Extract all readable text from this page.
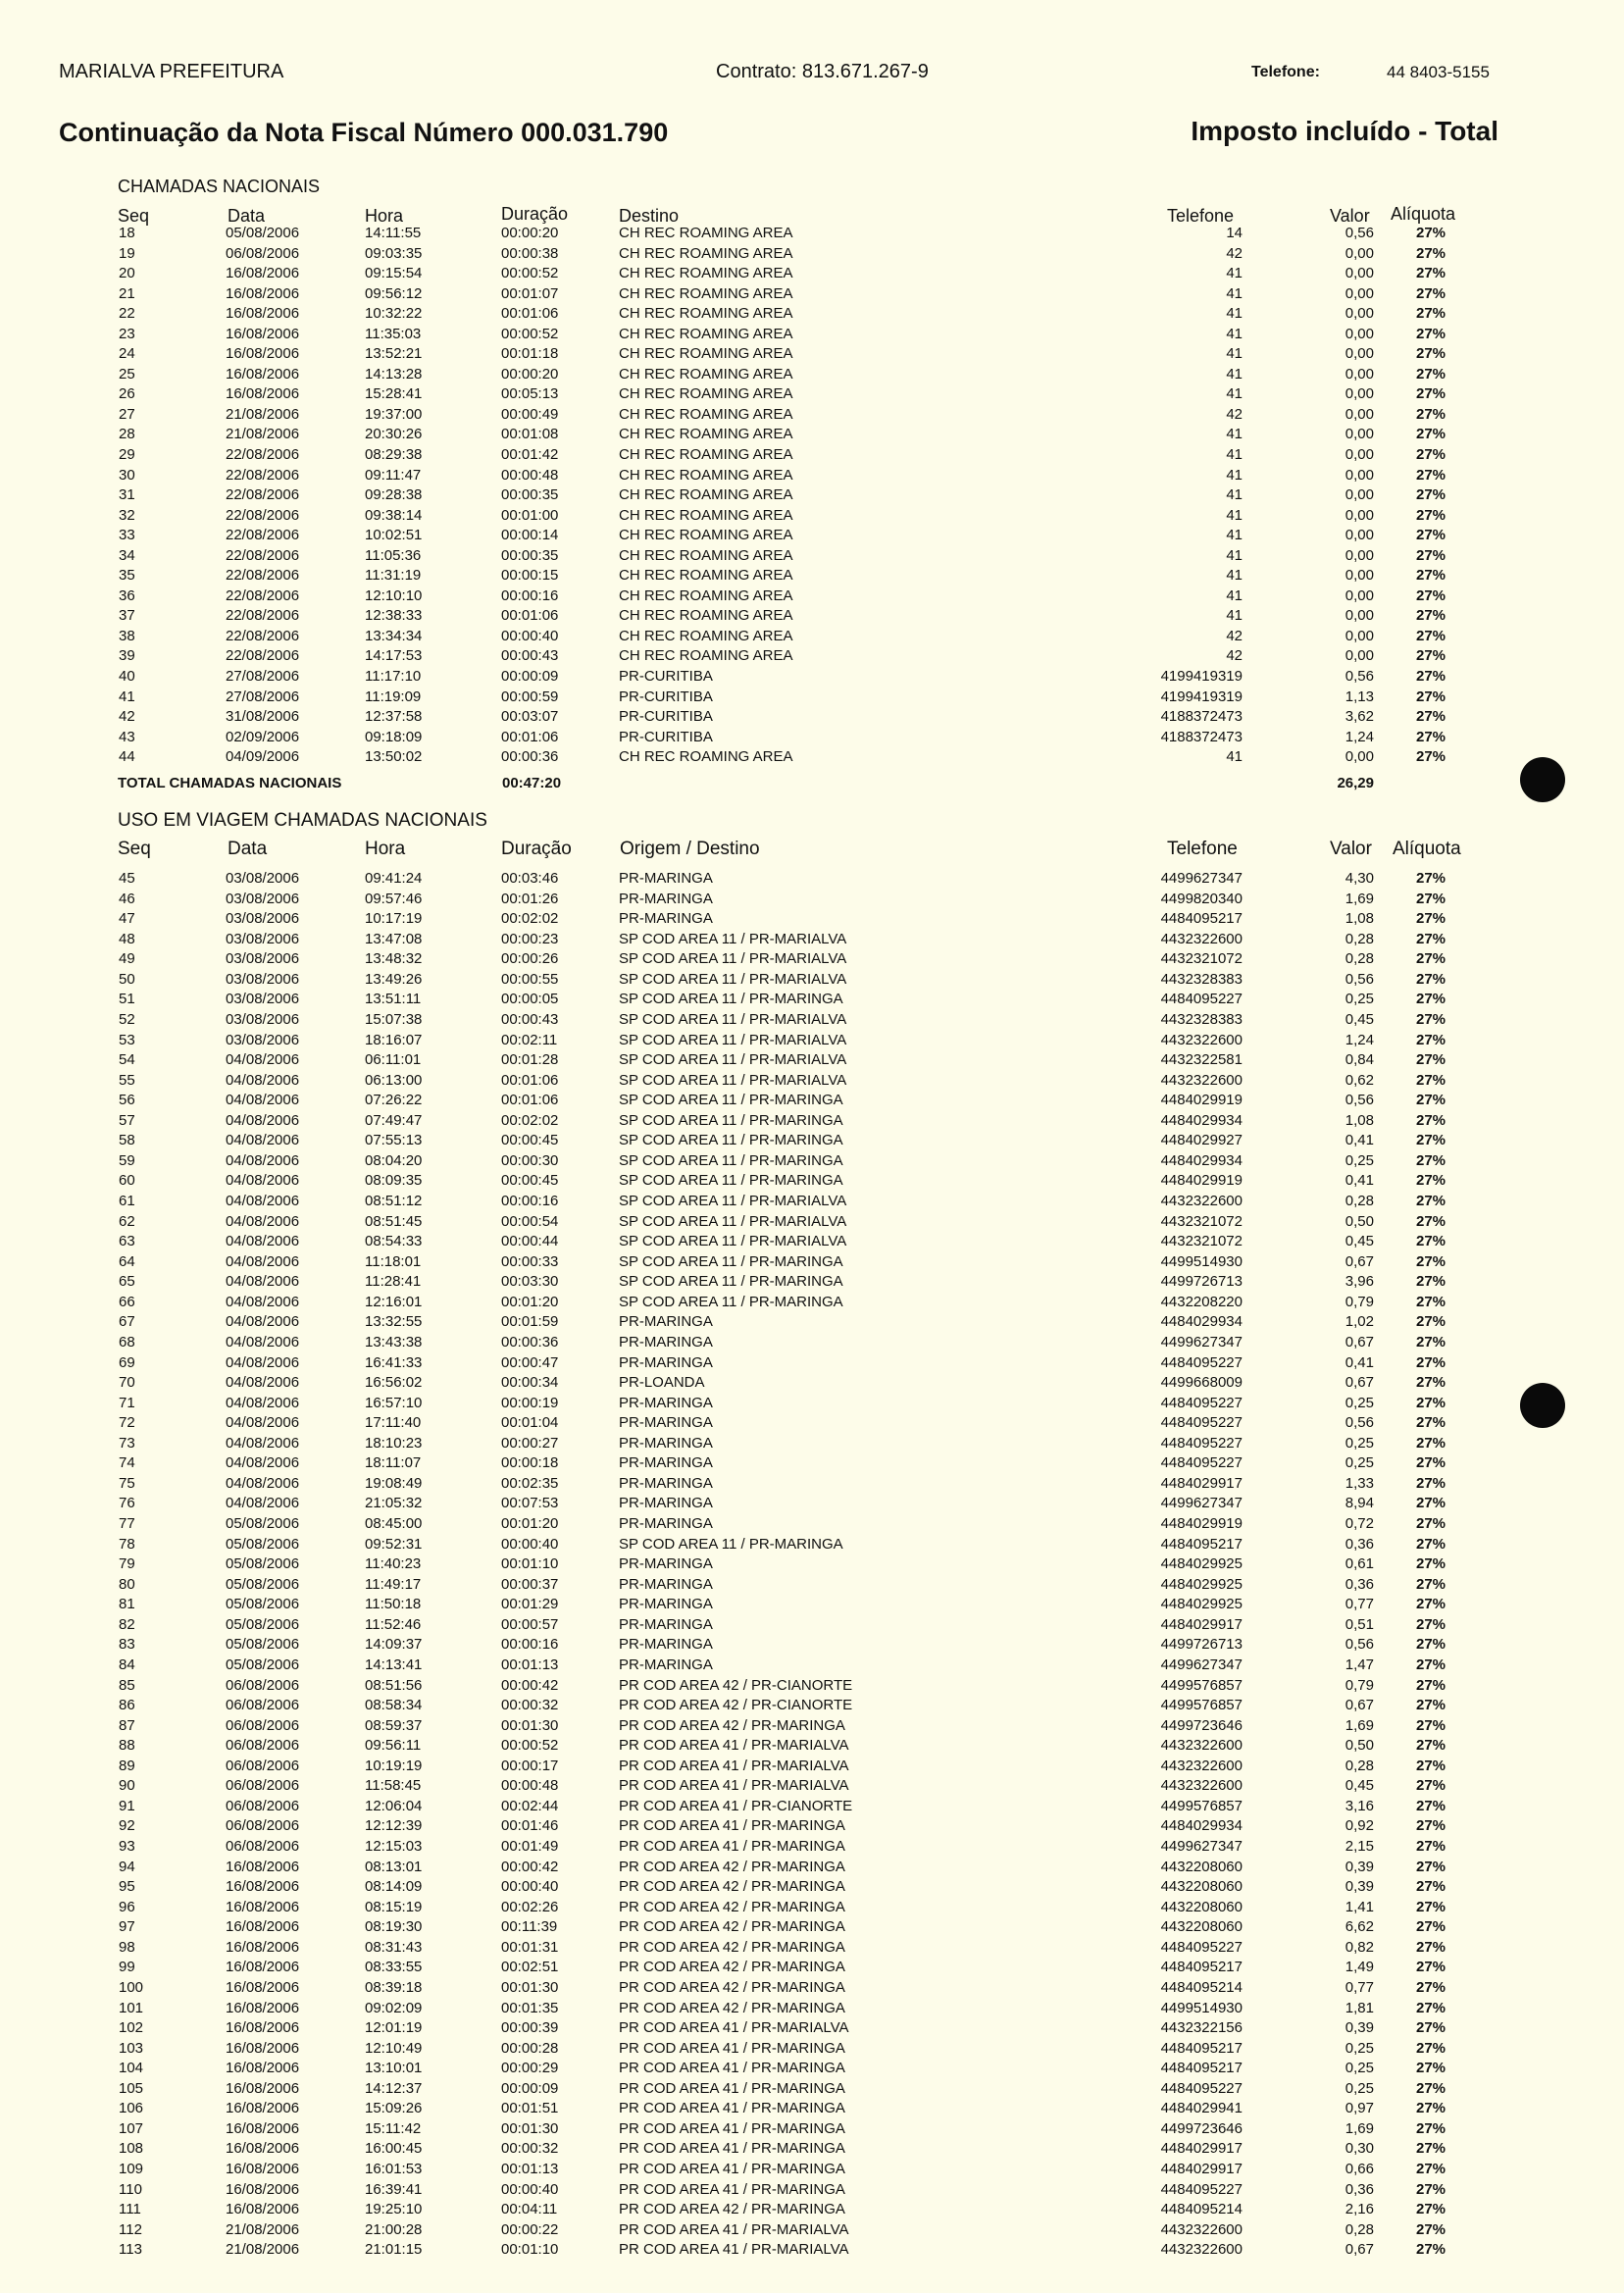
MARIALVA PREFEITURA	Contrato: 813.671.267-9	Telefone:	44 8403-5155
Continuação da Nota Fiscal Número 000.031.790	Imposto incluído - Total
CHAMADAS NACIONAIS
Seq	Data	Hora	Duração	Destino	Telefone	Valor Alíquota
18	05/08/2006	14:11:55	00:00:20	CH REC ROAMING AREA	14	0,56	27%
19	06/08/2006	09:03:35	00:00:38	CH REC ROAMING AREA	42	0,00	27%
20	16/08/2006	09:15:54	00:00:52	CH REC ROAMING AREA	41	0,00	27%
21	16/08/2006	09:56:12	00:01:07	CH REC ROAMING AREA	41	0,00	27%
22	16/08/2006	10:32:22	00:01:06	CH REC ROAMING AREA	41	0,00	27%
23	16/08/2006	11:35:03	00:00:52	CH REC ROAMING AREA	41	0,00	27%
24	16/08/2006	13:52:21	00:01:18	CH REC ROAMING AREA	41	0,00	27%
25	16/08/2006	14:13:28	00:00:20	CH REC ROAMING AREA	41	0,00	27%
26	16/08/2006	15:28:41	00:05:13	CH REC ROAMING AREA	41	0,00	27%
27	21/08/2006	19:37:00	00:00:49	CH REC ROAMING AREA	42	0,00	27%
28	21/08/2006	20:30:26	00:01:08	CH REC ROAMING AREA	41	0,00	27%
29	22/08/2006	08:29:38	00:01:42	CH REC ROAMING AREA	41	0,00	27%
30	22/08/2006	09:11:47	00:00:48	CH REC ROAMING AREA	41	0,00	27%
31	22/08/2006	09:28:38	00:00:35	CH REC ROAMING AREA	41	0,00	27%
32	22/08/2006	09:38:14	00:01:00	CH REC ROAMING AREA	41	0,00	27%
33	22/08/2006	10:02:51	00:00:14	CH REC ROAMING AREA	41	0,00	27%
34	22/08/2006	11:05:36	00:00:35	CH REC ROAMING AREA	41	0,00	27%
35	22/08/2006	11:31:19	00:00:15	CH REC ROAMING AREA	41	0,00	27%
36	22/08/2006	12:10:10	00:00:16	CH REC ROAMING AREA	41	0,00	27%
37	22/08/2006	12:38:33	00:01:06	CH REC ROAMING AREA	41	0,00	27%
38	22/08/2006	13:34:34	00:00:40	CH REC ROAMING AREA	42	0,00	27%
39	22/08/2006	14:17:53	00:00:43	CH REC ROAMING AREA	42	0,00	27%
40	27/08/2006	11:17:10	00:00:09	PR-CURITIBA	4199419319	0,56	27%
41	27/08/2006	11:19:09	00:00:59	PR-CURITIBA	4199419319	1,13	27%
42	31/08/2006	12:37:58	00:03:07	PR-CURITIBA	4188372473	3,62	27%
43	02/09/2006	09:18:09	00:01:06	PR-CURITIBA	4188372473	1,24	27%
44	04/09/2006	13:50:02	00:00:36	CH REC ROAMING AREA	41	0,00	27%
TOTAL CHAMADAS NACIONAIS	00:47:20	26,29
USO EM VIAGEM CHAMADAS NACIONAIS
Seq	Data	Hora	Duração	Origem / Destino	Telefone	Valor Alíquota
45	03/08/2006	09:41:24	00:03:46	PR-MARINGA	4499627347	4,30	27%
46	03/08/2006	09:57:46	00:01:26	PR-MARINGA	4499820340	1,69	27%
47	03/08/2006	10:17:19	00:02:02	PR-MARINGA	4484095217	1,08	27%
48	03/08/2006	13:47:08	00:00:23	SP COD AREA 11 / PR-MARIALVA	4432322600	0,28	27%
49	03/08/2006	13:48:32	00:00:26	SP COD AREA 11 / PR-MARIALVA	4432321072	0,28	27%
50	03/08/2006	13:49:26	00:00:55	SP COD AREA 11 / PR-MARIALVA	4432328383	0,56	27%
51	03/08/2006	13:51:11	00:00:05	SP COD AREA 11 / PR-MARINGA	4484095227	0,25	27%
52	03/08/2006	15:07:38	00:00:43	SP COD AREA 11 / PR-MARIALVA	4432328383	0,45	27%
53	03/08/2006	18:16:07	00:02:11	SP COD AREA 11 / PR-MARIALVA	4432322600	1,24	27%
54	04/08/2006	06:11:01	00:01:28	SP COD AREA 11 / PR-MARIALVA	4432322581	0,84	27%
55	04/08/2006	06:13:00	00:01:06	SP COD AREA 11 / PR-MARIALVA	4432322600	0,62	27%
56	04/08/2006	07:26:22	00:01:06	SP COD AREA 11 / PR-MARINGA	4484029919	0,56	27%
57	04/08/2006	07:49:47	00:02:02	SP COD AREA 11 / PR-MARINGA	4484029934	1,08	27%
58	04/08/2006	07:55:13	00:00:45	SP COD AREA 11 / PR-MARINGA	4484029927	0,41	27%
59	04/08/2006	08:04:20	00:00:30	SP COD AREA 11 / PR-MARINGA	4484029934	0,25	27%
60	04/08/2006	08:09:35	00:00:45	SP COD AREA 11 / PR-MARINGA	4484029919	0,41	27%
61	04/08/2006	08:51:12	00:00:16	SP COD AREA 11 / PR-MARIALVA	4432322600	0,28	27%
62	04/08/2006	08:51:45	00:00:54	SP COD AREA 11 / PR-MARIALVA	4432321072	0,50	27%
63	04/08/2006	08:54:33	00:00:44	SP COD AREA 11 / PR-MARIALVA	4432321072	0,45	27%
64	04/08/2006	11:18:01	00:00:33	SP COD AREA 11 / PR-MARINGA	4499514930	0,67	27%
65	04/08/2006	11:28:41	00:03:30	SP COD AREA 11 / PR-MARINGA	4499726713	3,96	27%
66	04/08/2006	12:16:01	00:01:20	SP COD AREA 11 / PR-MARINGA	4432208220	0,79	27%
67	04/08/2006	13:32:55	00:01:59	PR-MARINGA	4484029934	1,02	27%
68	04/08/2006	13:43:38	00:00:36	PR-MARINGA	4499627347	0,67	27%
69	04/08/2006	16:41:33	00:00:47	PR-MARINGA	4484095227	0,41	27%
70	04/08/2006	16:56:02	00:00:34	PR-LOANDA	4499668009	0,67	27%
71	04/08/2006	16:57:10	00:00:19	PR-MARINGA	4484095227	0,25	27%
72	04/08/2006	17:11:40	00:01:04	PR-MARINGA	4484095227	0,56	27%
73	04/08/2006	18:10:23	00:00:27	PR-MARINGA	4484095227	0,25	27%
74	04/08/2006	18:11:07	00:00:18	PR-MARINGA	4484095227	0,25	27%
75	04/08/2006	19:08:49	00:02:35	PR-MARINGA	4484029917	1,33	27%
76	04/08/2006	21:05:32	00:07:53	PR-MARINGA	4499627347	8,94	27%
77	05/08/2006	08:45:00	00:01:20	PR-MARINGA	4484029919	0,72	27%
78	05/08/2006	09:52:31	00:00:40	SP COD AREA 11 / PR-MARINGA	4484095217	0,36	27%
79	05/08/2006	11:40:23	00:01:10	PR-MARINGA	4484029925	0,61	27%
80	05/08/2006	11:49:17	00:00:37	PR-MARINGA	4484029925	0,36	27%
81	05/08/2006	11:50:18	00:01:29	PR-MARINGA	4484029925	0,77	27%
82	05/08/2006	11:52:46	00:00:57	PR-MARINGA	4484029917	0,51	27%
83	05/08/2006	14:09:37	00:00:16	PR-MARINGA	4499726713	0,56	27%
84	05/08/2006	14:13:41	00:01:13	PR-MARINGA	4499627347	1,47	27%
85	06/08/2006	08:51:56	00:00:42	PR COD AREA 42 / PR-CIANORTE	4499576857	0,79	27%
86	06/08/2006	08:58:34	00:00:32	PR COD AREA 42 / PR-CIANORTE	4499576857	0,67	27%
87	06/08/2006	08:59:37	00:01:30	PR COD AREA 42 / PR-MARINGA	4499723646	1,69	27%
88	06/08/2006	09:56:11	00:00:52	PR COD AREA 41 / PR-MARIALVA	4432322600	0,50	27%
89	06/08/2006	10:19:19	00:00:17	PR COD AREA 41 / PR-MARIALVA	4432322600	0,28	27%
90	06/08/2006	11:58:45	00:00:48	PR COD AREA 41 / PR-MARIALVA	4432322600	0,45	27%
91	06/08/2006	12:06:04	00:02:44	PR COD AREA 41 / PR-CIANORTE	4499576857	3,16	27%
92	06/08/2006	12:12:39	00:01:46	PR COD AREA 41 / PR-MARINGA	4484029934	0,92	27%
93	06/08/2006	12:15:03	00:01:49	PR COD AREA 41 / PR-MARINGA	4499627347	2,15	27%
94	16/08/2006	08:13:01	00:00:42	PR COD AREA 42 / PR-MARINGA	4432208060	0,39	27%
95	16/08/2006	08:14:09	00:00:40	PR COD AREA 42 / PR-MARINGA	4432208060	0,39	27%
96	16/08/2006	08:15:19	00:02:26	PR COD AREA 42 / PR-MARINGA	4432208060	1,41	27%
97	16/08/2006	08:19:30	00:11:39	PR COD AREA 42 / PR-MARINGA	4432208060	6,62	27%
98	16/08/2006	08:31:43	00:01:31	PR COD AREA 42 / PR-MARINGA	4484095227	0,82	27%
99	16/08/2006	08:33:55	00:02:51	PR COD AREA 42 / PR-MARINGA	4484095217	1,49	27%
100	16/08/2006	08:39:18	00:01:30	PR COD AREA 42 / PR-MARINGA	4484095214	0,77	27%
101	16/08/2006	09:02:09	00:01:35	PR COD AREA 42 / PR-MARINGA	4499514930	1,81	27%
102	16/08/2006	12:01:19	00:00:39	PR COD AREA 41 / PR-MARIALVA	4432322156	0,39	27%
103	16/08/2006	12:10:49	00:00:28	PR COD AREA 41 / PR-MARINGA	4484095217	0,25	27%
104	16/08/2006	13:10:01	00:00:29	PR COD AREA 41 / PR-MARINGA	4484095217	0,25	27%
105	16/08/2006	14:12:37	00:00:09	PR COD AREA 41 / PR-MARINGA	4484095227	0,25	27%
106	16/08/2006	15:09:26	00:01:51	PR COD AREA 41 / PR-MARINGA	4484029941	0,97	27%
107	16/08/2006	15:11:42	00:01:30	PR COD AREA 41 / PR-MARINGA	4499723646	1,69	27%
108	16/08/2006	16:00:45	00:00:32	PR COD AREA 41 / PR-MARINGA	4484029917	0,30	27%
109	16/08/2006	16:01:53	00:01:13	PR COD AREA 41 / PR-MARINGA	4484029917	0,66	27%
110	16/08/2006	16:39:41	00:00:40	PR COD AREA 41 / PR-MARINGA	4484095227	0,36	27%
111	16/08/2006	19:25:10	00:04:11	PR COD AREA 42 / PR-MARINGA	4484095214	2,16	27%
112	21/08/2006	21:00:28	00:00:22	PR COD AREA 41 / PR-MARIALVA	4432322600	0,28	27%
113	21/08/2006	21:01:15	00:01:10	PR COD AREA 41 / PR-MARIALVA	4432322600	0,67	27%
